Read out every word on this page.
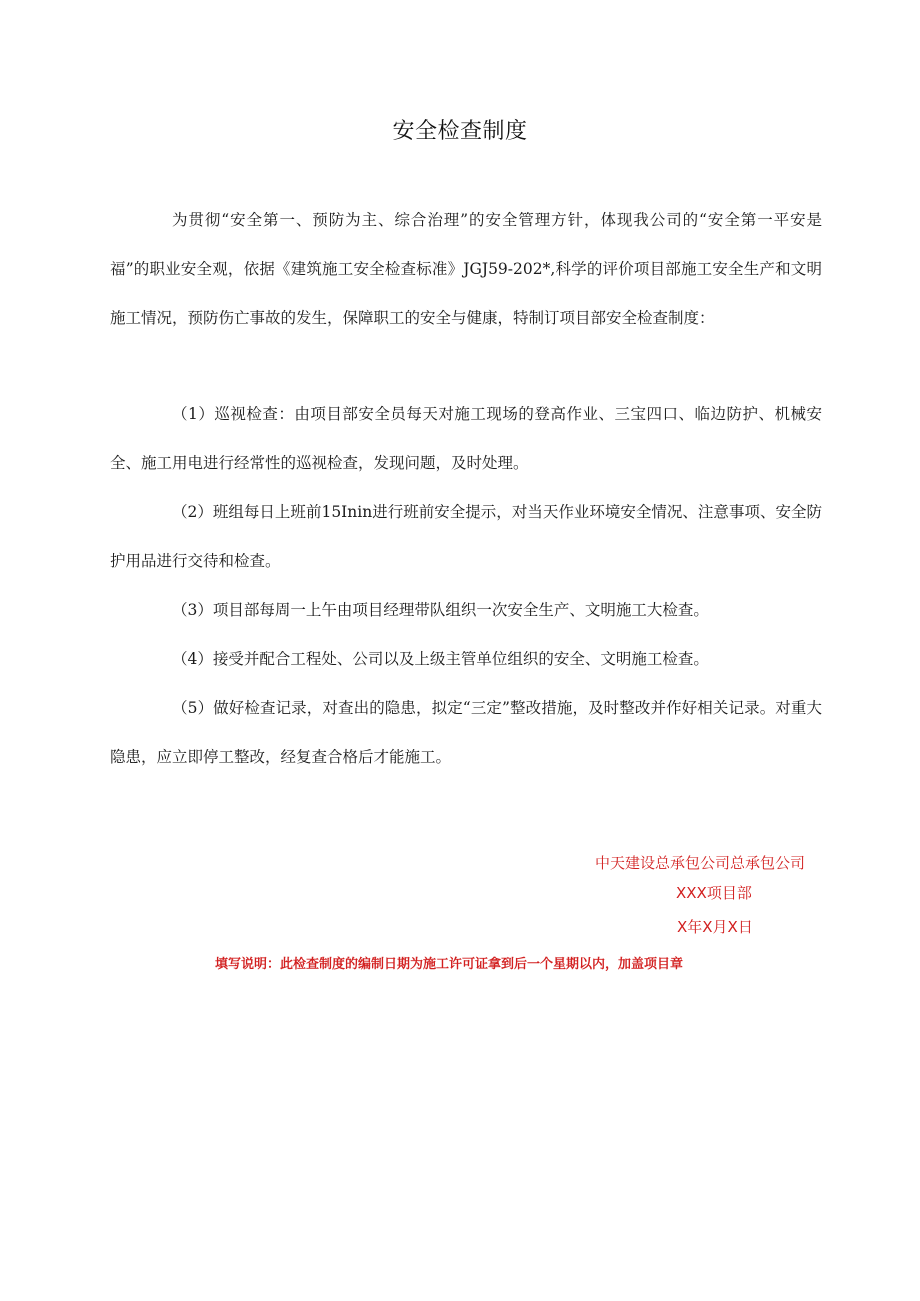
安全检查制度

为贯彻“安全第一、预防为主、综合治理”的安全管理方针，体现我公司的“安全第一平安是福”的职业安全观，依据《建筑施工安全检查标准》JGJ59-202*,科学的评价项目部施工安全生产和文明施工情况，预防伤亡事故的发生，保障职工的安全与健康，特制订项目部安全检查制度：

（1）巡视检查：由项目部安全员每天对施工现场的登高作业、三宝四口、临边防护、机械安全、施工用电进行经常性的巡视检查，发现问题，及时处理。

（2）班组每日上班前15Inin进行班前安全提示，对当天作业环境安全情况、注意事项、安全防护用品进行交待和检查。

（3）项目部每周一上午由项目经理带队组织一次安全生产、文明施工大检查。

（4）接受并配合工程处、公司以及上级主管单位组织的安全、文明施工检查。

（5）做好检查记录，对查出的隐患，拟定“三定”整改措施，及时整改并作好相关记录。对重大隐患，应立即停工整改，经复查合格后才能施工。

中天建设总承包公司总承包公司
XXX项目部
X年X月X日
填写说明：此检查制度的编制日期为施工许可证拿到后一个星期以内，加盖项目章
